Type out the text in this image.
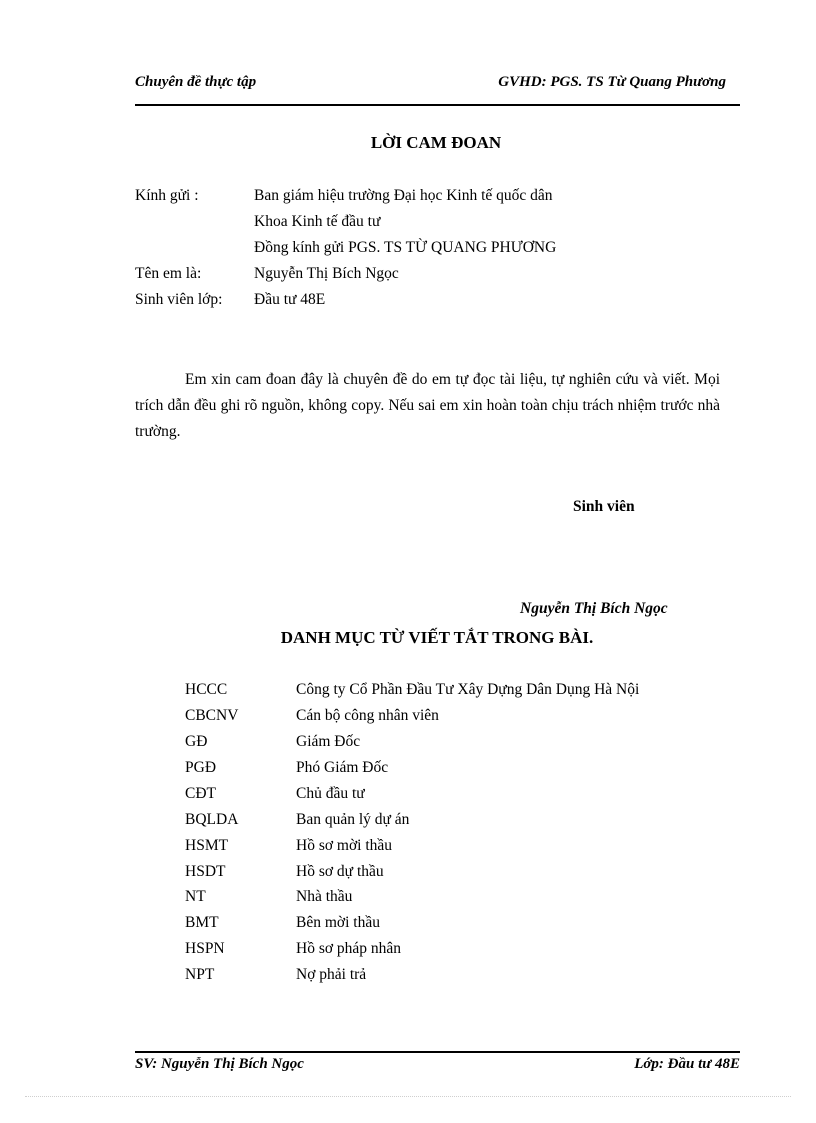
Chuyên đề thực tập	GVHD: PGS. TS Từ Quang Phương
LỜI CAM ĐOAN
Kính gửi :	Ban giám hiệu trường Đại học Kinh tế quốc dân
Khoa Kinh tế đầu tư
Đồng kính gửi PGS. TS TỪ QUANG PHƯƠNG
Tên em là:	Nguyễn Thị Bích Ngọc
Sinh viên lớp: Đầu tư 48E
Em xin cam đoan đây là chuyên đề do em tự đọc tài liệu, tự nghiên cứu và viết. Mọi trích dẫn đều ghi rõ nguồn, không copy. Nếu sai em xin hoàn toàn chịu trách nhiệm trước nhà trường.
Sinh viên
Nguyễn Thị Bích Ngọc
DANH MỤC TỪ VIẾT TẮT TRONG BÀI.
HCCC	Công ty Cổ Phần Đầu Tư Xây Dựng Dân Dụng Hà Nội
CBCNV	Cán bộ công nhân viên
GĐ	Giám Đốc
PGĐ	Phó Giám Đốc
CĐT	Chủ đầu tư
BQLDA	Ban quản lý dự án
HSMT	Hồ sơ mời thầu
HSDT	Hồ sơ dự thầu
NT	Nhà thầu
BMT	Bên mời thầu
HSPN	Hồ sơ pháp nhân
NPT	Nợ phải trả
SV: Nguyễn Thị Bích Ngọc	Lớp: Đầu tư 48E
